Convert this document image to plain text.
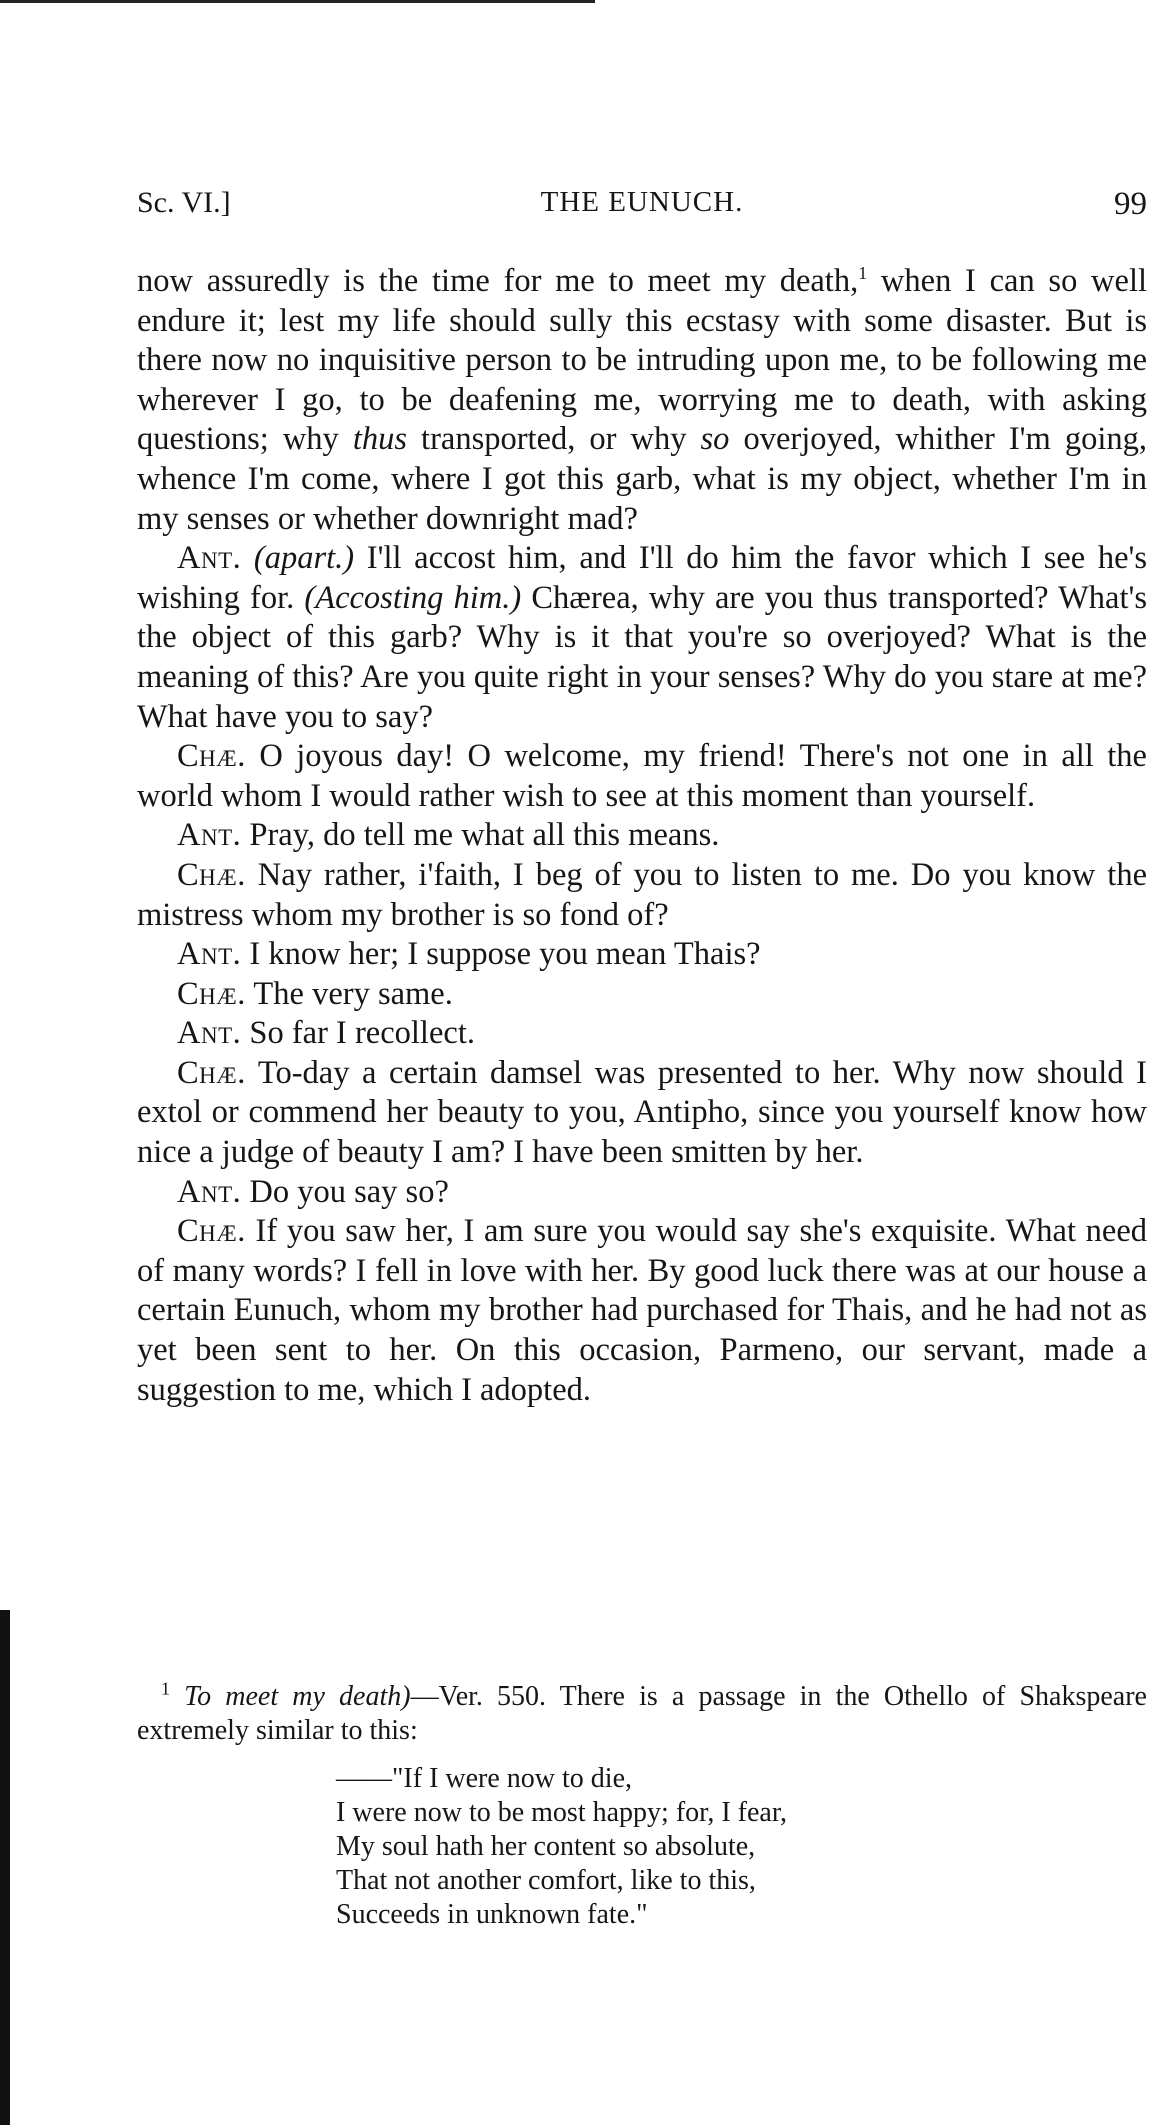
Sc. VI.]	THE EUNUCH.	99

now assuredly is the time for me to meet my death,$^1$ when I can so well endure it; lest my life should sully this ecstasy with some disaster. But is there now no inquisitive person to be intruding upon me, to be following me wherever I go, to be deafening me, worrying me to death, with asking questions; why thus transported, or why so overjoyed, whither I'm going, whence I'm come, where I got this garb, what is my object, whether I'm in my senses or whether downright mad?

Ant. (apart.) I'll accost him, and I'll do him the favor which I see he's wishing for. (Accosting him.) Chærea, why are you thus transported? What's the object of this garb? Why is it that you're so overjoyed? What is the meaning of this? Are you quite right in your senses? Why do you stare at me? What have you to say?

Chæ. O joyous day! O welcome, my friend! There's not one in all the world whom I would rather wish to see at this moment than yourself.

Ant. Pray, do tell me what all this means.

Chæ. Nay rather, i'faith, I beg of you to listen to me. Do you know the mistress whom my brother is so fond of?

Ant. I know her; I suppose you mean Thais?

Chæ. The very same.

Ant. So far I recollect.

Chæ. To-day a certain damsel was presented to her. Why now should I extol or commend her beauty to you, Antipho, since you yourself know how nice a judge of beauty I am? I have been smitten by her.

Ant. Do you say so?

Chæ. If you saw her, I am sure you would say she's exquisite. What need of many words? I fell in love with her. By good luck there was at our house a certain Eunuch, whom my brother had purchased for Thais, and he had not as yet been sent to her. On this occasion, Parmeno, our servant, made a suggestion to me, which I adopted.

$^1$ To meet my death)—Ver. 550. There is a passage in the Othello of Shakspeare extremely similar to this:

——"If I were now to die,
I were now to be most happy; for, I fear,
My soul hath her content so absolute,
That not another comfort, like to this,
Succeeds in unknown fate."
